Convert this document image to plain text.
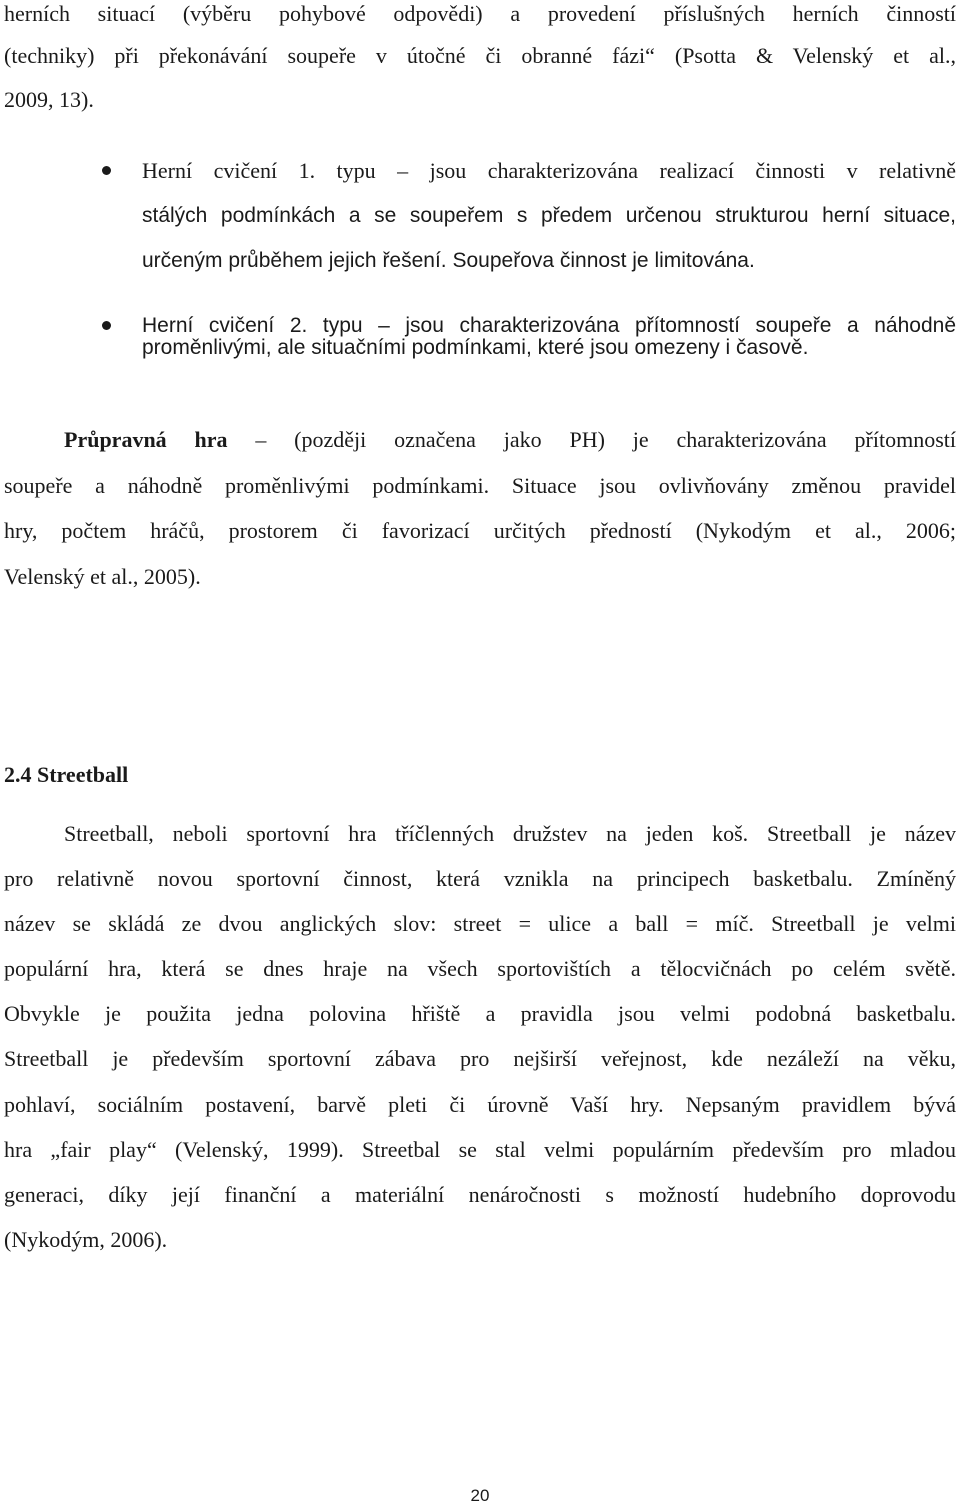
herních situací (výběru pohybové odpovědi) a provedení příslušných herních činností
(techniky) při překonávání soupeře v útočné či obranné fázi“ (Psotta & Velenský et al.,
2009, 13).
Herní cvičení 1. typu – jsou charakterizována realizací činnosti v relativně
stálých podmínkách a se soupeřem s předem určenou strukturou herní situace,
určeným průběhem jejich řešení. Soupeřova činnost je limitována.
Herní cvičení 2. typu – jsou charakterizována přítomností soupeře a náhodně
proměnlivými, ale situačními podmínkami, které jsou omezeny i časově.
Průpravná hra – (později označena jako PH) je charakterizována přítomností
soupeře a náhodně proměnlivými podmínkami. Situace jsou ovlivňovány změnou pravidel
hry, počtem hráčů, prostorem či favorizací určitých předností (Nykodým et al., 2006;
Velenský et al., 2005).
2.4 Streetball
Streetball, neboli sportovní hra tříčlenných družstev na jeden koš. Streetball je název
pro relativně novou sportovní činnost, která vznikla na principech basketbalu. Zmíněný
název se skládá ze dvou anglických slov: street = ulice a ball = míč. Streetball je velmi
populární hra, která se dnes hraje na všech sportovištích a tělocvičnách po celém světě.
Obvykle je použita jedna polovina hřiště a pravidla jsou velmi podobná basketbalu.
Streetball je především sportovní zábava pro nejširší veřejnost, kde nezáleží na věku,
pohlaví, sociálním postavení, barvě pleti či úrovně Vaší hry. Nepsaným pravidlem bývá
hra „fair play“ (Velenský, 1999). Streetbal se stal velmi populárním především pro mladou
generaci, díky její finanční a materiální nenáročnosti s možností hudebního doprovodu
(Nykodým, 2006).
20
